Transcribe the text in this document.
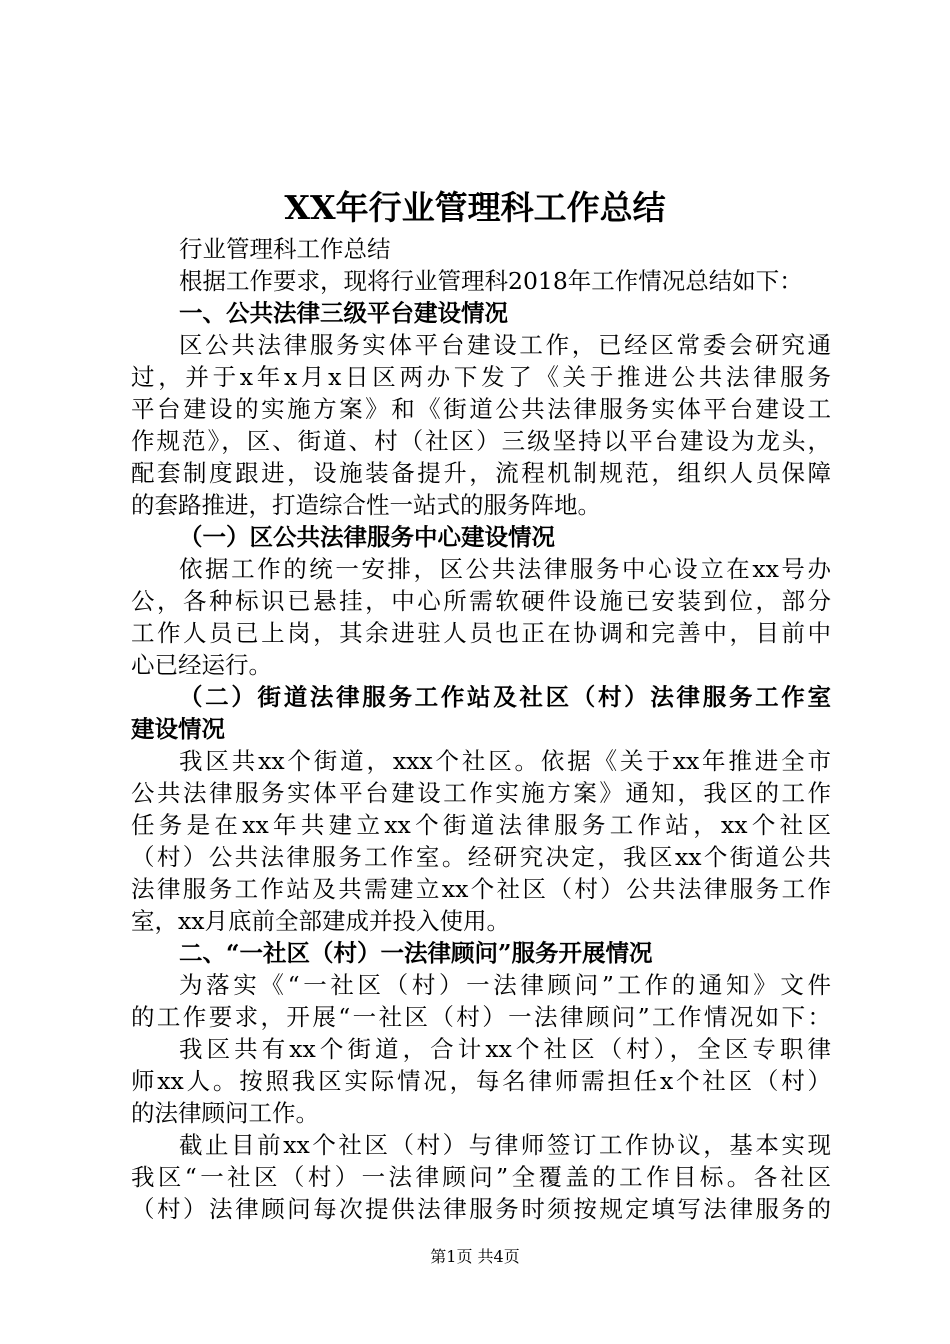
XX年行业管理科工作总结
行业管理科工作总结
根据工作要求，现将行业管理科2018年工作情况总结如下：
一、公共法律三级平台建设情况
区公共法律服务实体平台建设工作，已经区常委会研究通
过，并于x年x月x日区两办下发了《关于推进公共法律服务
平台建设的实施方案》和《街道公共法律服务实体平台建设工
作规范》，区、街道、村（社区）三级坚持以平台建设为龙头，
配套制度跟进，设施装备提升，流程机制规范，组织人员保障
的套路推进，打造综合性一站式的服务阵地。
（一）区公共法律服务中心建设情况
依据工作的统一安排，区公共法律服务中心设立在xx号办
公，各种标识已悬挂，中心所需软硬件设施已安装到位，部分
工作人员已上岗，其余进驻人员也正在协调和完善中，目前中
心已经运行。
（二）街道法律服务工作站及社区（村）法律服务工作室
建设情况
我区共xx个街道，xxx个社区。依据《关于xx年推进全市
公共法律服务实体平台建设工作实施方案》通知，我区的工作
任务是在xx年共建立xx个街道法律服务工作站，xx个社区
（村）公共法律服务工作室。经研究决定，我区xx个街道公共
法律服务工作站及共需建立xx个社区（村）公共法律服务工作
室，xx月底前全部建成并投入使用。
二、“一社区（村）一法律顾问”服务开展情况
为落实《“一社区（村）一法律顾问”工作的通知》文件
的工作要求，开展“一社区（村）一法律顾问”工作情况如下：
我区共有xx个街道，合计xx个社区（村），全区专职律
师xx人。按照我区实际情况，每名律师需担任x个社区（村）
的法律顾问工作。
截止目前xx个社区（村）与律师签订工作协议，基本实现
我区“一社区（村）一法律顾问”全覆盖的工作目标。各社区
（村）法律顾问每次提供法律服务时须按规定填写法律服务的
第1页 共4页
